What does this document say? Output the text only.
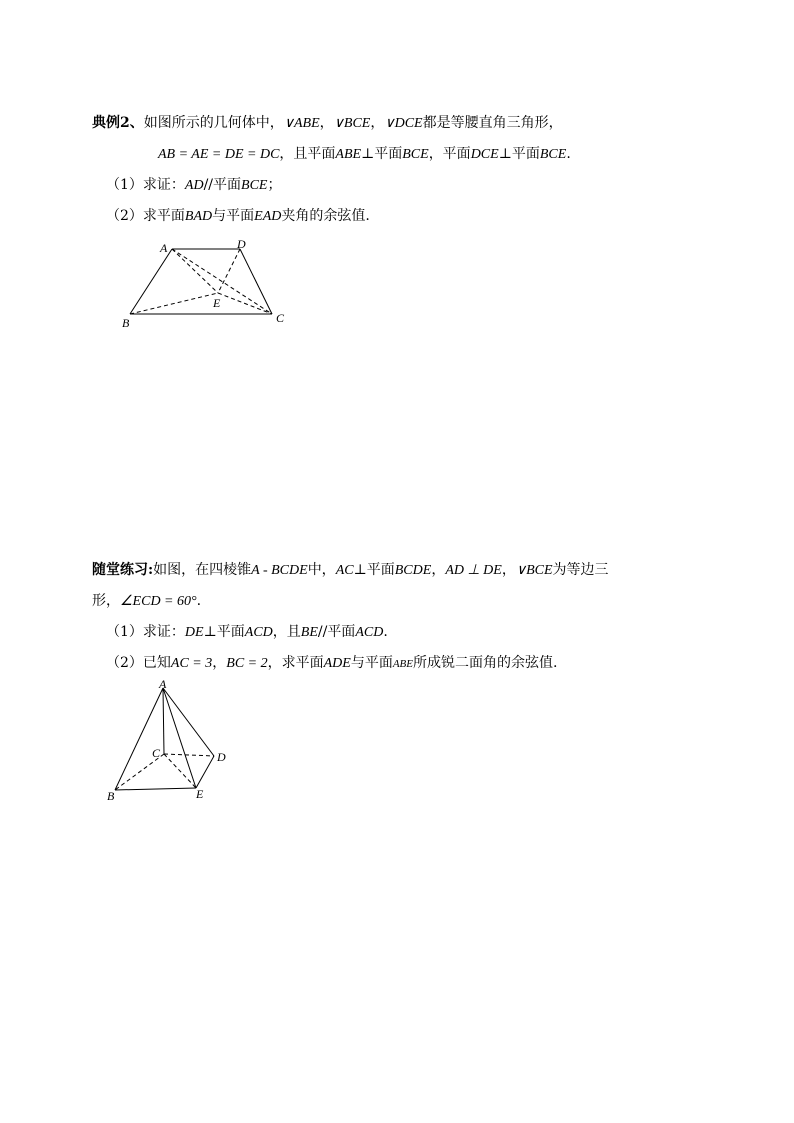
典例2、如图所示的几何体中，∨ABE，∨BCE，∨DCE都是等腰直角三角形，
AB = AE = DE = DC，且平面ABE⊥平面BCE，平面DCE⊥平面BCE.
（1）求证：AD//平面BCE；
（2）求平面BAD与平面EAD夹角的余弦值.
A	D
E
B	C
随堂练习:如图，在四棱锥A - BCDE中，AC⊥平面BCDE，AD ⊥ DE，∨BCE为等边三
形，∠ECD = 60°.
（1）求证：DE⊥平面ACD，且BE//平面ACD.
（2）已知AC = 3，BC = 2，求平面ADE与平面ABE所成锐二面角的余弦值.
A
C	D
B	E
